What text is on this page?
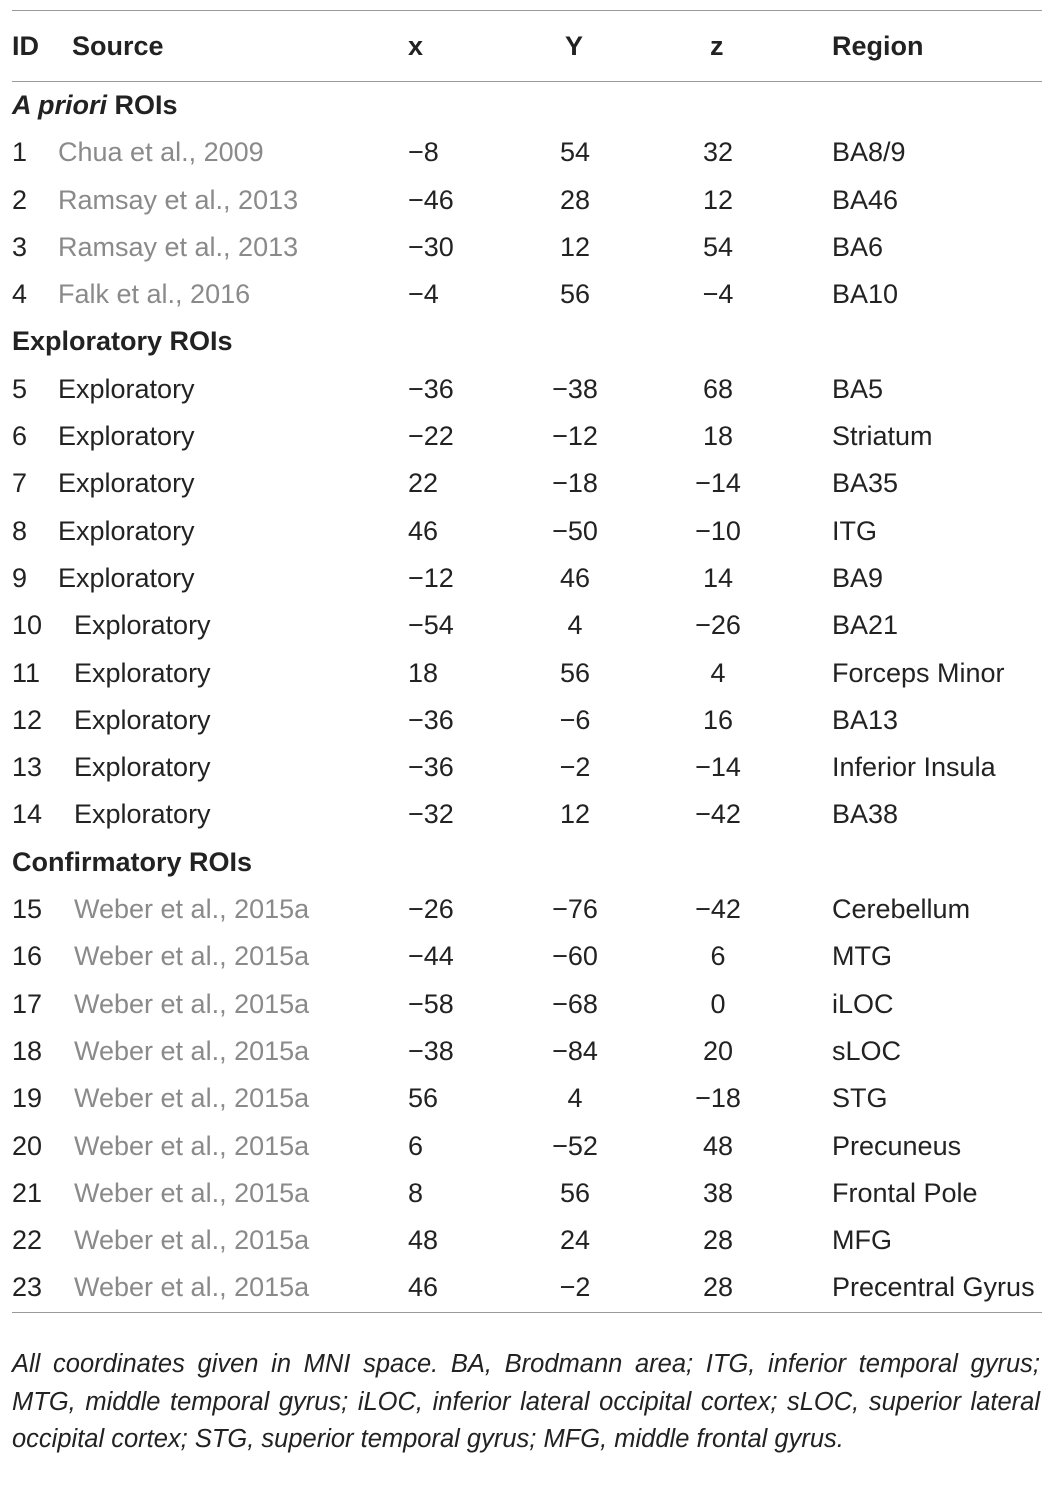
ID Source	x	Y	z	Region
A priori ROIs
1 Chua et al., 2009	−8	54	32	BA8/9
2 Ramsay et al., 2013	−46	28	12	BA46
3 Ramsay et al., 2013	−30	12	54	BA6
4 Falk et al., 2016	−4	56	−4	BA10
Exploratory ROIs
5 Exploratory	−36	−38	68	BA5
6 Exploratory	−22	−12	18	Striatum
7 Exploratory	22	−18	−14	BA35
8 Exploratory	46	−50	−10	ITG
9 Exploratory	−12	46	14	BA9
10 Exploratory	−54	4	−26	BA21
11 Exploratory	18	56	4	Forceps Minor
12 Exploratory	−36	−6	16	BA13
13 Exploratory	−36	−2	−14	Inferior Insula
14 Exploratory	−32	12	−42	BA38
Confirmatory ROIs
15 Weber et al., 2015a	−26	−76	−42	Cerebellum
16 Weber et al., 2015a	−44	−60	6	MTG
17 Weber et al., 2015a	−58	−68	0	iLOC
18 Weber et al., 2015a	−38	−84	20	sLOC
19 Weber et al., 2015a	56	4	−18	STG
20 Weber et al., 2015a	6	−52	48	Precuneus
21 Weber et al., 2015a	8	56	38	Frontal Pole
22 Weber et al., 2015a	48	24	28	MFG
23 Weber et al., 2015a	46	−2	28	Precentral Gyrus
All coordinates given in MNI space. BA, Brodmann area; ITG, inferior temporal gyrus; MTG, middle temporal gyrus; iLOC, inferior lateral occipital cortex; sLOC, superior lateral occipital cortex; STG, superior temporal gyrus; MFG, middle frontal gyrus.
